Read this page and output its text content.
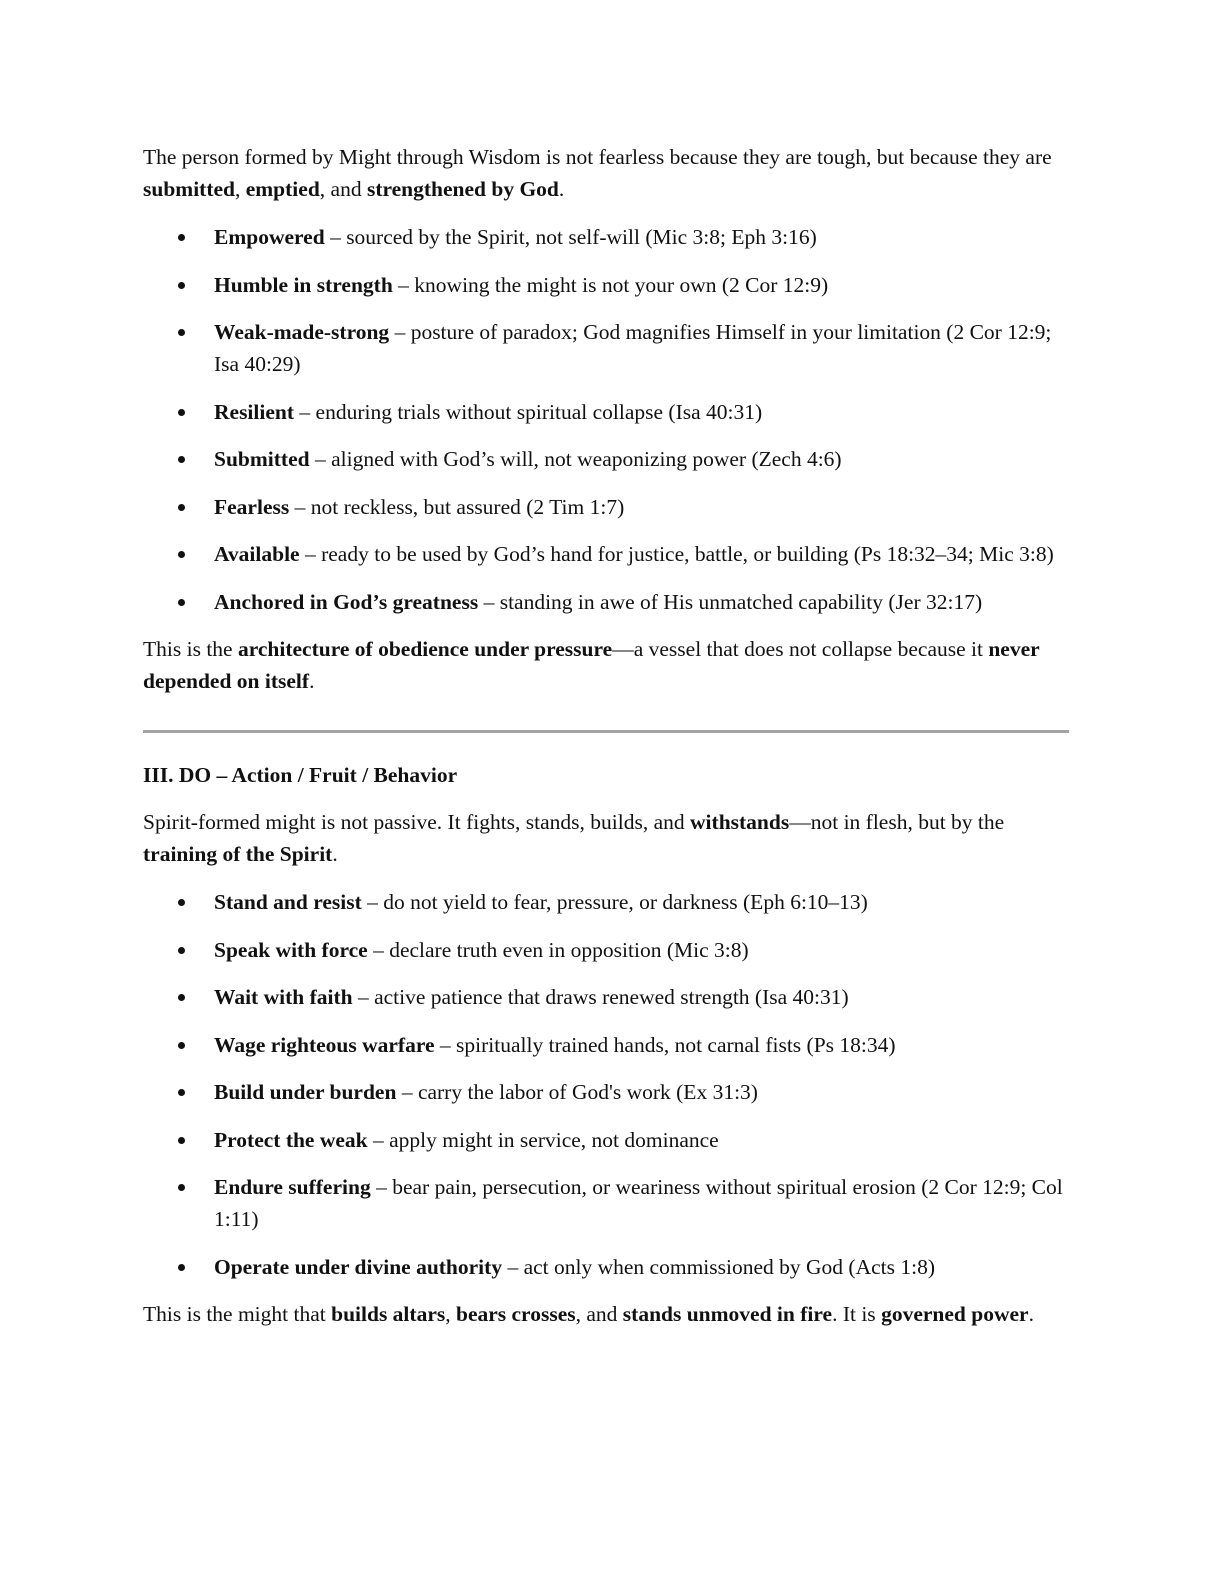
The person formed by Might through Wisdom is not fearless because they are tough, but because they are submitted, emptied, and strengthened by God.

Empowered – sourced by the Spirit, not self-will (Mic 3:8; Eph 3:16)
Humble in strength – knowing the might is not your own (2 Cor 12:9)
Weak-made-strong – posture of paradox; God magnifies Himself in your limitation (2 Cor 12:9; Isa 40:29)
Resilient – enduring trials without spiritual collapse (Isa 40:31)
Submitted – aligned with God’s will, not weaponizing power (Zech 4:6)
Fearless – not reckless, but assured (2 Tim 1:7)
Available – ready to be used by God’s hand for justice, battle, or building (Ps 18:32–34; Mic 3:8)
Anchored in God’s greatness – standing in awe of His unmatched capability (Jer 32:17)

This is the architecture of obedience under pressure—a vessel that does not collapse because it never depended on itself.

III. DO – Action / Fruit / Behavior

Spirit-formed might is not passive. It fights, stands, builds, and withstands—not in flesh, but by the training of the Spirit.

Stand and resist – do not yield to fear, pressure, or darkness (Eph 6:10–13)
Speak with force – declare truth even in opposition (Mic 3:8)
Wait with faith – active patience that draws renewed strength (Isa 40:31)
Wage righteous warfare – spiritually trained hands, not carnal fists (Ps 18:34)
Build under burden – carry the labor of God's work (Ex 31:3)
Protect the weak – apply might in service, not dominance
Endure suffering – bear pain, persecution, or weariness without spiritual erosion (2 Cor 12:9; Col 1:11)
Operate under divine authority – act only when commissioned by God (Acts 1:8)

This is the might that builds altars, bears crosses, and stands unmoved in fire. It is governed power.
